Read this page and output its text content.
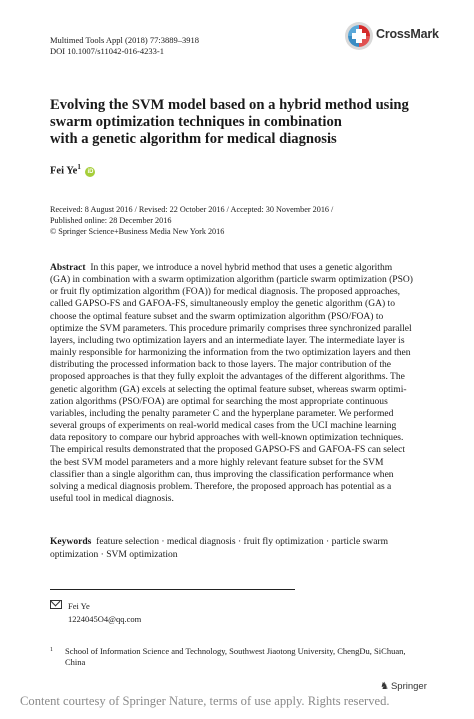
Multimed Tools Appl (2018) 77:3889–3918
DOI 10.1007/s11042-016-4233-1
CrossMark
Evolving the SVM model based on a hybrid method using
swarm optimization techniques in combination
with a genetic algorithm for medical diagnosis
Fei Ye$^1$ iD
Received: 8 August 2016 / Revised: 22 October 2016 / Accepted: 30 November 2016 /
Published online: 28 December 2016
© Springer Science+Business Media New York 2016
Abstract In this paper, we introduce a novel hybrid method that uses a genetic algorithm
(GA) in combination with a swarm optimization algorithm (particle swarm optimization (PSO)
or fruit fly optimization algorithm (FOA)) for medical diagnosis. The proposed approaches,
called GAPSO-FS and GAFOA-FS, simultaneously employ the genetic algorithm (GA) to
choose the optimal feature subset and the swarm optimization algorithm (PSO/FOA) to
optimize the SVM parameters. This procedure primarily comprises three synchronized parallel
layers, including two optimization layers and an intermediate layer. The intermediate layer is
mainly responsible for harmonizing the information from the two optimization layers and then
distributing the processed information back to those layers. The major contribution of the
proposed approaches is that they fully exploit the advantages of the different algorithms. The
genetic algorithm (GA) excels at selecting the optimal feature subset, whereas swarm optimi-
zation algorithms (PSO/FOA) are optimal for searching the most appropriate continuous
variables, including the penalty parameter C and the hyperplane parameter. We performed
several groups of experiments on real-world medical cases from the UCI machine learning
data repository to compare our hybrid approaches with well-known optimization techniques.
The empirical results demonstrated that the proposed GAPSO-FS and GAFOA-FS can select
the best SVM model parameters and a more highly relevant feature subset for the SVM
classifier than a single algorithm can, thus improving the classification performance when
solving a medical diagnosis problem. Therefore, the proposed approach has potential as a
useful tool in medical diagnosis.
Keywords feature selection · medical diagnosis · fruit fly optimization · particle swarm
optimization · SVM optimization
Fei Ye
1224045O4@qq.com
1 School of Information Science and Technology, Southwest Jiaotong University, ChengDu, SiChuan, China
♞ Springer
Content courtesy of Springer Nature, terms of use apply. Rights reserved.
